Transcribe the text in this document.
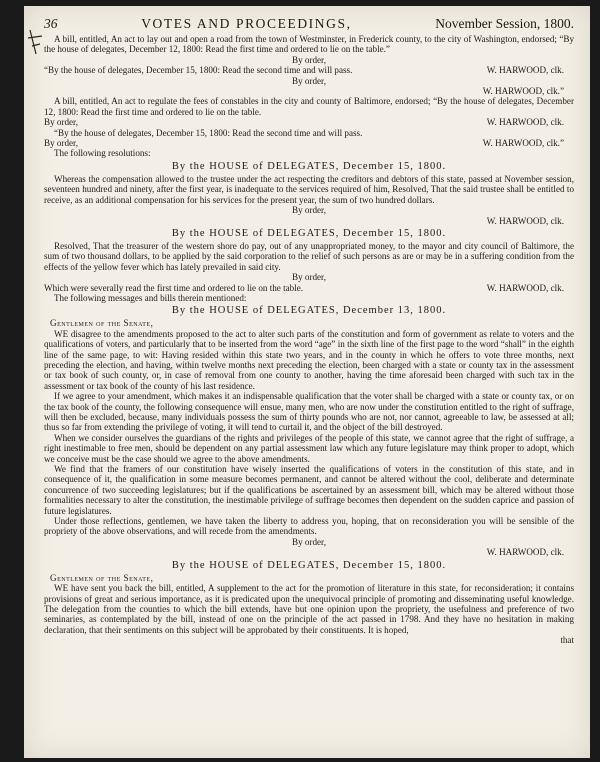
36	VOTES AND PROCEEDINGS,	November Session, 1800.

A bill, entitled, An act to lay out and open a road from the town of Westminster, in Frederick county, to the city of Washington, endorsed; “By the house of delegates, December 12, 1800: Read the first time and ordered to lie on the table.”

By order,
“By the house of delegates, December 15, 1800: Read the second time and will pass.	W. HARWOOD, clk.
By order,
W. HARWOOD, clk.”

A bill, entitled, An act to regulate the fees of constables in the city and county of Baltimore, endorsed; “By the house of delegates, December 12, 1800: Read the first time and ordered to lie on the table.

By order,	W. HARWOOD, clk.

“By the house of delegates, December 15, 1800: Read the second time and will pass.

By order,	W. HARWOOD, clk.”

The following resolutions:

By the HOUSE of DELEGATES, December 15, 1800.

Whereas the compensation allowed to the trustee under the act respecting the creditors and debtors of this state, passed at November session, seventeen hundred and ninety, after the first year, is inadequate to the services required of him, Resolved, That the said trustee shall be entitled to receive, as an additional compensation for his services for the present year, the sum of two hundred dollars.

By order,
W. HARWOOD, clk.
By the HOUSE of DELEGATES, December 15, 1800.

Resolved, That the treasurer of the western shore do pay, out of any unappropriated money, to the mayor and city council of Baltimore, the sum of two thousand dollars, to be applied by the said corporation to the relief of such persons as are or may be in a suffering condition from the effects of the yellow fever which has lately prevailed in said city.

By order,
Which were severally read the first time and ordered to lie on the table.	W. HARWOOD, clk.

The following messages and bills therein mentioned:

By the HOUSE of DELEGATES, December 13, 1800.
Gentlemen of the Senate,

WE disagree to the amendments proposed to the act to alter such parts of the constitution and form of government as relate to voters and the qualifications of voters, and particularly that to be inserted from the word “age” in the sixth line of the first page to the word “shall” in the eighth line of the same page, to wit: Having resided within this state two years, and in the county in which he offers to vote three months, next preceding the election, and having, within twelve months next preceding the election, been charged with a state or county tax in the assessment or tax book of such county, or, in case of removal from one county to another, having the time aforesaid been charged with such tax in the assessment or tax book of the county of his last residence.

If we agree to your amendment, which makes it an indispensable qualification that the voter shall be charged with a state or county tax, or on the tax book of the county, the following consequence will ensue, many men, who are now under the constitution entitled to the right of suffrage, will then be excluded, because, many individuals possess the sum of thirty pounds who are not, nor cannot, agreeable to law, be assessed at all; thus so far from extending the privilege of voting, it will tend to curtail it, and the object of the bill destroyed.

When we consider ourselves the guardians of the rights and privileges of the people of this state, we cannot agree that the right of suffrage, a right inestimable to free men, should be dependent on any partial assessment law which any future legislature may think proper to adopt, which we conceive must be the case should we agree to the above amendments.

We find that the framers of our constitution have wisely inserted the qualifications of voters in the constitution of this state, and in consequence of it, the qualification in some measure becomes permanent, and cannot be altered without the cool, deliberate and determinate concurrence of two succeeding legislatures; but if the qualifications be ascertained by an assessment bill, which may be altered without those formalities necessary to alter the constitution, the inestimable privilege of suffrage becomes then dependent on the sudden caprice and passion of future legislatures.

Under those reflections, gentlemen, we have taken the liberty to address you, hoping, that on reconsideration you will be sensible of the propriety of the above observations, and will recede from the amendments.

By order,
W. HARWOOD, clk.
By the HOUSE of DELEGATES, December 15, 1800.
Gentlemen of the Senate,

WE have sent you back the bill, entitled, A supplement to the act for the promotion of literature in this state, for reconsideration; it contains provisions of great and serious importance, as it is predicated upon the unequivocal principle of promoting and disseminating useful knowledge. The delegation from the counties to which the bill extends, have but one opinion upon the propriety, the usefulness and preference of two seminaries, as contemplated by the bill, instead of one on the principle of the act passed in 1798. And they have no hesitation in making declaration, that their sentiments on this subject will be approbated by their constituents. It is hoped,

that
